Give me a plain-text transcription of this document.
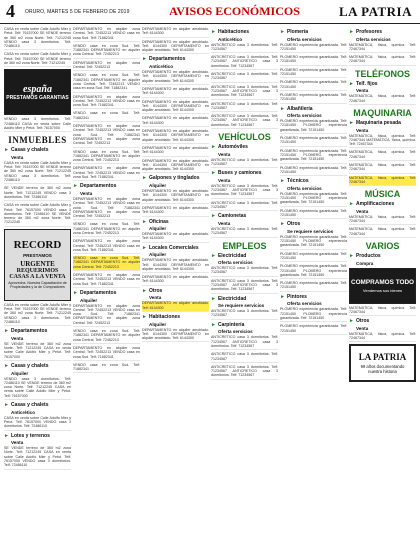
4	ORURO, MARTES 5 DE FEBRERO DE 2019	AVISOS ECONÓMICOS	LA PATRIA
CASA en venta sobre Calle Adolfo Mier y Petot. Telf: 76157000 SE VENDE terreno de 360 m2 zona Norte. Telf: 71212245 VENDO casa 3 dormitorios. Telf: 72486110
CASA en venta sobre Calle Adolfo Mier y Petot. Telf: 76157000 SE VENDE terreno de 360 m2 zona Norte. Telf: 71212245
españa
PRESTAMOS GARANTIAS
VENDO casa 3 dormitorios. Telf: 72486110 CASA en venta sobre Calle Adolfo Mier y Petot. Telf: 76157000
INMUEBLES
► Casas y chalets
Venta
CASA en venta sobre Calle Adolfo Mier y Petot. Telf: 76157000 SE VENDE terreno de 360 m2 zona Norte. Telf: 71212245 VENDO casa 3 dormitorios. Telf: 72486110
SE VENDE terreno de 360 m2 zona Norte. Telf: 71212245 VENDO casa 3 dormitorios. Telf: 72486110
CASA en venta sobre Calle Adolfo Mier y Petot. Telf: 76157000 VENDO casa 3 dormitorios. Telf: 72486110 SE VENDE terreno de 360 m2 zona Norte. Telf: 71212245
RECORD
PRESTAMOS
URGENTE
REQUERIMOS
CASAS A LA VENTA
Aprovecha. Nuestra Capacitación de Propiedades y la de Compradores
CASA en venta sobre Calle Adolfo Mier y Petot. Telf: 76157000 SE VENDE terreno de 360 m2 zona Norte. Telf: 71212245 VENDO casa 3 dormitorios. Telf: 72486110
► Departamentos
Venta
SE VENDE terreno de 360 m2 zona Norte. Telf: 71212245 CASA en venta sobre Calle Adolfo Mier y Petot. Telf: 76157000
► Casas y chalets
Alquiler
VENDO casa 3 dormitorios. Telf: 72486110 SE VENDE terreno de 360 m2 zona Norte. Telf: 71212245 CASA en venta sobre Calle Adolfo Mier y Petot. Telf: 76157000
► Casas y chalets
Anticrético
CASA en venta sobre Calle Adolfo Mier y Petot. Telf: 76157000 VENDO casa 3 dormitorios. Telf: 72486110
► Lotes y terrenos
Venta
SE VENDE terreno de 360 m2 zona Norte. Telf: 71212245 CASA en venta sobre Calle Adolfo Mier y Petot. Telf: 76157000 VENDO casa 3 dormitorios. Telf: 72486110
DEPARTAMENTO en alquiler zona Central. Telf: 72452213 VENDO casa en zona Sud. Telf: 71882341
VENDO casa en zona Sud. Telf: 71882341 DEPARTAMENTO en alquiler zona Central. Telf: 72452213
DEPARTAMENTO en alquiler zona Central. Telf: 72452213
VENDO casa en zona Sud. Telf: 71882341 DEPARTAMENTO en alquiler zona Central. Telf: 72452213 VENDO casa en zona Sud. Telf: 71882341
DEPARTAMENTO en alquiler zona Central. Telf: 72452213 VENDO casa en zona Sud. Telf: 71882341
VENDO casa en zona Sud. Telf: 71882341
DEPARTAMENTO en alquiler zona Central. Telf: 72452213 VENDO casa en zona Sud. Telf: 71882341 DEPARTAMENTO en alquiler zona Central. Telf: 72452213
VENDO casa en zona Sud. Telf: 71882341 DEPARTAMENTO en alquiler zona Central. Telf: 72452213
DEPARTAMENTO en alquiler zona Central. Telf: 72452213 VENDO casa en zona Sud. Telf: 71882341
► Departamentos
Venta
DEPARTAMENTO en alquiler zona Central. Telf: 72452213 VENDO casa en zona Sud. Telf: 71882341 DEPARTAMENTO en alquiler zona Central. Telf: 72452213
VENDO casa en zona Sud. Telf: 71882341 DEPARTAMENTO en alquiler zona Central. Telf: 72452213
DEPARTAMENTO en alquiler zona Central. Telf: 72452213 VENDO casa en zona Sud. Telf: 71882341
VENDO casa en zona Sud. Telf: 71882341 DEPARTAMENTO en alquiler zona Central. Telf: 72452213
DEPARTAMENTO en alquiler zona Central. Telf: 72452213 VENDO casa en zona Sud. Telf: 71882341
► Departamentos
Alquiler
DEPARTAMENTO en alquiler zona Central. Telf: 72452213 VENDO casa en zona Sud. Telf: 71882341 DEPARTAMENTO en alquiler zona Central. Telf: 72452213
VENDO casa en zona Sud. Telf: 71882341 DEPARTAMENTO en alquiler zona Central. Telf: 72452213
DEPARTAMENTO en alquiler zona Central. Telf: 72452213 VENDO casa en zona Sud. Telf: 71882341
VENDO casa en zona Sud. Telf: 71882341
DEPARTAMENTO en alquiler amoblado. Telf: 6144300
DEPARTAMENTO en alquiler amoblado. Telf: 6144300 DEPARTAMENTO en alquiler amoblado. Telf: 6144300
► Departamentos
Anticrético
DEPARTAMENTO en alquiler amoblado. Telf: 6144300 DEPARTAMENTO en alquiler amoblado. Telf: 6144300
DEPARTAMENTO en alquiler amoblado. Telf: 6144300
DEPARTAMENTO en alquiler amoblado. Telf: 6144300 DEPARTAMENTO en alquiler amoblado. Telf: 6144300
DEPARTAMENTO en alquiler amoblado. Telf: 6144300
DEPARTAMENTO en alquiler amoblado. Telf: 6144300 DEPARTAMENTO en alquiler amoblado. Telf: 6144300
DEPARTAMENTO en alquiler amoblado. Telf: 6144300
DEPARTAMENTO en alquiler amoblado. Telf: 6144300 DEPARTAMENTO en alquiler amoblado. Telf: 6144300
► Galpones y tinglados
Alquiler
DEPARTAMENTO en alquiler amoblado. Telf: 6144300 DEPARTAMENTO en alquiler amoblado. Telf: 6144300
DEPARTAMENTO en alquiler amoblado. Telf: 6144300
► Oficinas
Alquiler
DEPARTAMENTO en alquiler amoblado. Telf: 6144300
► Locales Comerciales
Alquiler
DEPARTAMENTO en alquiler amoblado. Telf: 6144300 DEPARTAMENTO en alquiler amoblado. Telf: 6144300
DEPARTAMENTO en alquiler amoblado. Telf: 6144300
► Otros
Venta
DEPARTAMENTO en alquiler amoblado. Telf: 6144300
► Habitaciones
Alquiler
DEPARTAMENTO en alquiler amoblado. Telf: 6144300 DEPARTAMENTO en alquiler amoblado. Telf: 6144300
► Habitaciones
Anticrético
ANTICRETICO casa 3 dormitorios. Telf: 71234567
ANTICRETICO casa 3 dormitorios. Telf: 71234567 ANTICRETICO casa 3 dormitorios. Telf: 71234567
ANTICRETICO casa 3 dormitorios. Telf: 71234567
ANTICRETICO casa 3 dormitorios. Telf: 71234567 ANTICRETICO casa 3 dormitorios. Telf: 71234567
ANTICRETICO casa 3 dormitorios. Telf: 71234567
ANTICRETICO casa 3 dormitorios. Telf: 71234567 ANTICRETICO casa 3 dormitorios. Telf: 71234567
VEHÍCULOS
► Automóviles
Venta
ANTICRETICO casa 3 dormitorios. Telf: 71234567
► Buses y camiones
Venta
ANTICRETICO casa 3 dormitorios. Telf: 71234567 ANTICRETICO casa 3 dormitorios. Telf: 71234567
ANTICRETICO casa 3 dormitorios. Telf: 71234567
► Camionetas
Venta
ANTICRETICO casa 3 dormitorios. Telf: 71234567
EMPLEOS
► Electricidad
Oferta servicios
ANTICRETICO casa 3 dormitorios. Telf: 71234567
ANTICRETICO casa 3 dormitorios. Telf: 71234567 ANTICRETICO casa 3 dormitorios. Telf: 71234567
► Electricidad
Se requiere servicios
ANTICRETICO casa 3 dormitorios. Telf: 71234567
► Carpintería
Oferta servicios
ANTICRETICO casa 3 dormitorios. Telf: 71234567 ANTICRETICO casa 3 dormitorios. Telf: 71234567
ANTICRETICO casa 3 dormitorios. Telf: 71234567
ANTICRETICO casa 3 dormitorios. Telf: 71234567 ANTICRETICO casa 3 dormitorios. Telf: 71234567
► Plomería
Oferta servicios
PLOMERO experiencia garantizada. Telf: 72151450
PLOMERO experiencia garantizada. Telf: 72151450
PLOMERO experiencia garantizada. Telf: 72151450
PLOMERO experiencia garantizada. Telf: 72151450
PLOMERO experiencia garantizada. Telf: 72151450
► Albañilería
Oferta servicios
PLOMERO experiencia garantizada. Telf: 72151450 PLOMERO experiencia garantizada. Telf: 72151450
PLOMERO experiencia garantizada. Telf: 72151450
PLOMERO experiencia garantizada. Telf: 72151450 PLOMERO experiencia garantizada. Telf: 72151450
PLOMERO experiencia garantizada. Telf: 72151450
► Técnicos
Oferta servicios
PLOMERO experiencia garantizada. Telf: 72151450 PLOMERO experiencia garantizada. Telf: 72151450
PLOMERO experiencia garantizada. Telf: 72151450
► Otros
Se requiere servicios
PLOMERO experiencia garantizada. Telf: 72151450 PLOMERO experiencia garantizada. Telf: 72151450
PLOMERO experiencia garantizada. Telf: 72151450
PLOMERO experiencia garantizada. Telf: 72151450 PLOMERO experiencia garantizada. Telf: 72151450
PLOMERO experiencia garantizada. Telf: 72151450
► Pintores
Oferta servicios
PLOMERO experiencia garantizada. Telf: 72151450 PLOMERO experiencia garantizada. Telf: 72151450
PLOMERO experiencia garantizada. Telf: 72151450
► Profesores
Oferta servicios
MATEMÁTICA, física, química. Telf: 72467344
MATEMÁTICA, física, química. Telf: 72467344
TELÉFONOS
► Telf. fijos
Venta
MATEMÁTICA, física, química. Telf: 72467344
MAQUINARIA
► Maquinaria pesada
Venta
MATEMÁTICA, física, química. Telf: 72467344 MATEMÁTICA, física, química. Telf: 72467344
MATEMÁTICA, física, química. Telf: 72467344
MATEMÁTICA, física, química. Telf: 72467344
MATEMÁTICA, física, química. Telf: 72467344
MÚSICA
► Amplificaciones
Venta
MATEMÁTICA, física, química. Telf: 72467344
MATEMÁTICA, física, química. Telf: 72467344
VARIOS
► Productos
Compra
COMPRAMOS TODO
Vendemos sus bienes
MATEMÁTICA, física, química. Telf: 72467344
► Otros
Venta
MATEMÁTICA, física, química. Telf: 72467344
LA PATRIA
99 años documentando nuestra historia
